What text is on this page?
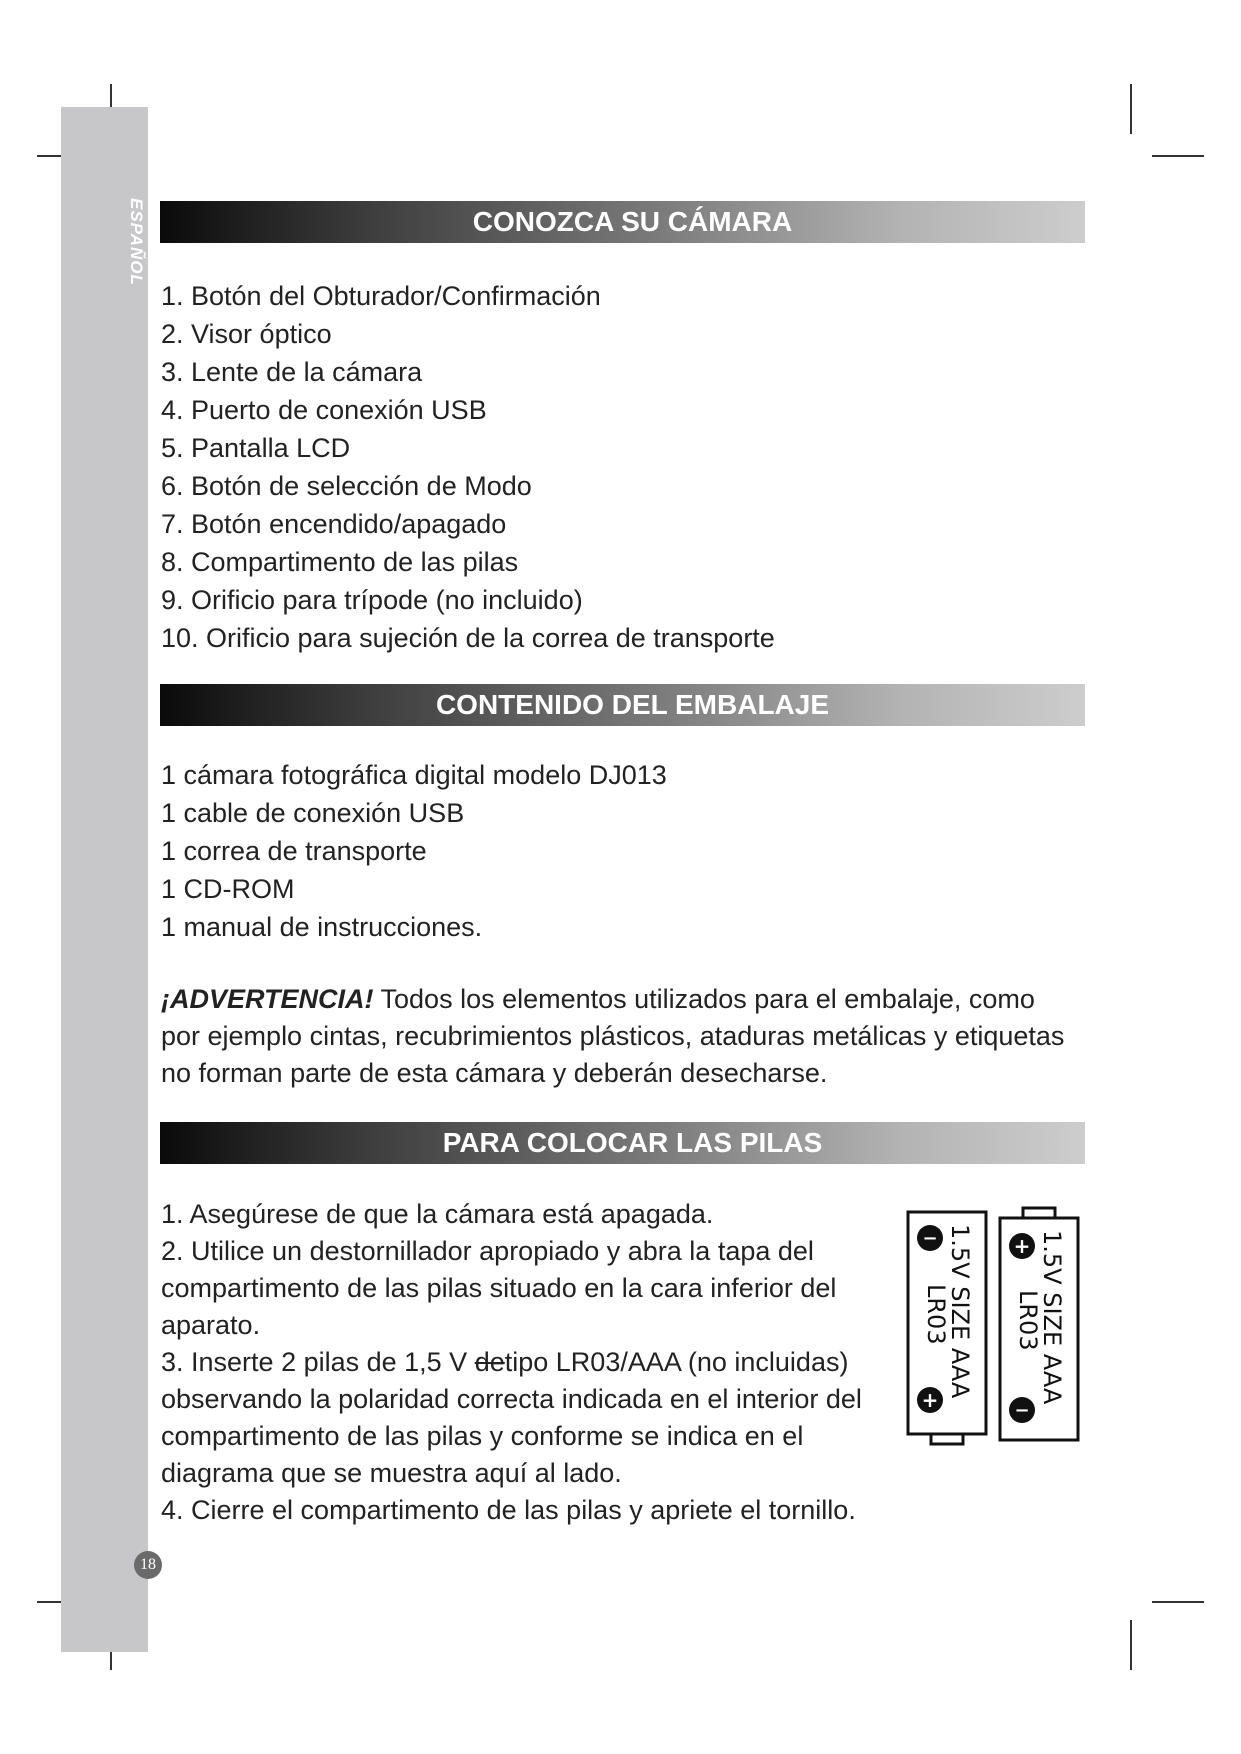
ESPAÑOL
18
CONOZCA SU CÁMARA
1. Botón del Obturador/Confirmación
2. Visor óptico
3. Lente de la cámara
4. Puerto de conexión USB
5. Pantalla LCD
6. Botón de selección de Modo
7. Botón encendido/apagado
8. Compartimento de las pilas
9. Orificio para trípode (no incluido)
10. Orificio para sujeción de la correa de transporte
CONTENIDO DEL EMBALAJE
1 cámara fotográfica digital modelo DJ013
1 cable de conexión USB
1 correa de transporte
1 CD-ROM
1 manual de instrucciones.

¡ADVERTENCIA! Todos los elementos utilizados para el embalaje, como por ejemplo cintas, recubrimientos plásticos, ataduras metálicas y etiquetas no forman parte de esta cámara y deberán desecharse.

PARA COLOCAR LAS PILAS
1. Asegúrese de que la cámara está apagada.
2. Utilice un destornillador apropiado y abra la tapa del compartimento de las pilas situado en la cara inferior del aparato.
3. Inserte 2 pilas de 1,5 V detipo LR03/AAA (no incluidas) observando la polaridad correcta indicada en el interior del compartimento de las pilas y conforme se indica en el diagrama que se muestra aquí al lado.
4. Cierre el compartimento de las pilas y apriete el tornillo.
−
+
1.5V SIZE AAA
LR03
+
−
1.5V SIZE AAA
LR03
